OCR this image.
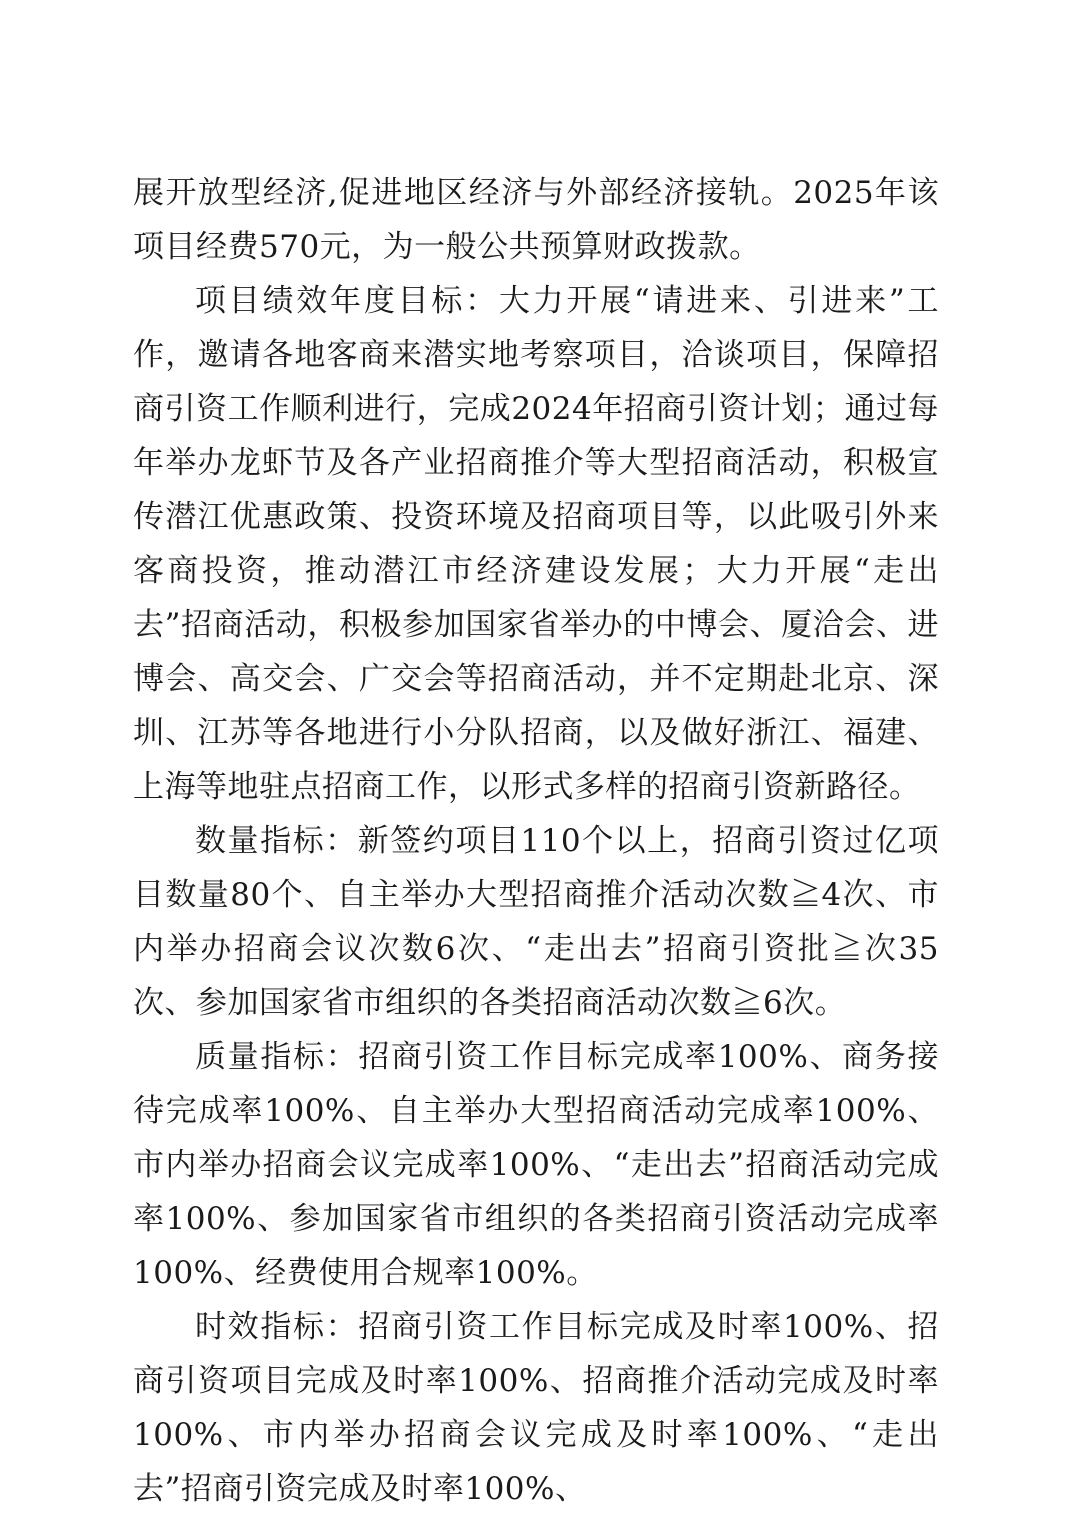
展开放型经济,促进地区经济与外部经济接轨。2025年该项目经费570元，为一般公共预算财政拨款。

项目绩效年度目标：大力开展“请进来、引进来”工作，邀请各地客商来潜实地考察项目，洽谈项目，保障招商引资工作顺利进行，完成2024年招商引资计划；通过每年举办龙虾节及各产业招商推介等大型招商活动，积极宣传潜江优惠政策、投资环境及招商项目等，以此吸引外来客商投资，推动潜江市经济建设发展；大力开展“走出去”招商活动，积极参加国家省举办的中博会、厦洽会、进博会、高交会、广交会等招商活动，并不定期赴北京、深圳、江苏等各地进行小分队招商，以及做好浙江、福建、上海等地驻点招商工作，以形式多样的招商引资新路径。

数量指标：新签约项目110个以上，招商引资过亿项目数量80个、自主举办大型招商推介活动次数≧4次、市内举办招商会议次数6次、“走出去”招商引资批≧次35次、参加国家省市组织的各类招商活动次数≧6次。

质量指标：招商引资工作目标完成率100%、商务接待完成率100%、自主举办大型招商活动完成率100%、市内举办招商会议完成率100%、“走出去”招商活动完成率100%、参加国家省市组织的各类招商引资活动完成率100%、经费使用合规率100%。

时效指标：招商引资工作目标完成及时率100%、招商引资项目完成及时率100%、招商推介活动完成及时率100%、市内举办招商会议完成及时率100%、“走出去”招商引资完成及时率100%、
